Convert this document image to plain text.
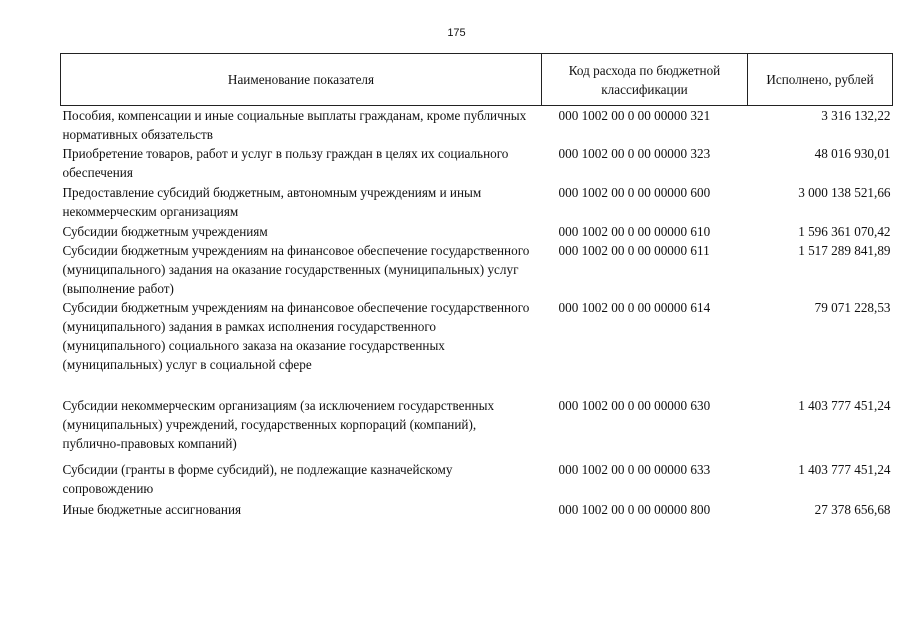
175
Наименование показателя	Код расхода по бюджетной классификации	Исполнено, рублей
Пособия, компенсации и иные социальные выплаты гражданам, кроме публичных нормативных обязательств	000 1002 00 0 00 00000 321	3 316 132,22
Приобретение товаров, работ и услуг в пользу граждан в целях их социального обеспечения	000 1002 00 0 00 00000 323	48 016 930,01
Предоставление субсидий бюджетным, автономным учреждениям и иным некоммерческим организациям	000 1002 00 0 00 00000 600	3 000 138 521,66
Субсидии бюджетным учреждениям	000 1002 00 0 00 00000 610	1 596 361 070,42
Субсидии бюджетным учреждениям на финансовое обеспечение государственного (муниципального) задания на оказание государственных (муниципальных) услуг (выполнение работ)	000 1002 00 0 00 00000 611	1 517 289 841,89
Субсидии бюджетным учреждениям на финансовое обеспечение государственного (муниципального) задания в рамках исполнения государственного (муниципального) социального заказа на оказание государственных (муниципальных) услуг в социальной сфере	000 1002 00 0 00 00000 614	79 071 228,53
Субсидии некоммерческим организациям (за исключением государственных (муниципальных) учреждений, государственных корпораций (компаний), публично-правовых компаний)	000 1002 00 0 00 00000 630	1 403 777 451,24
Субсидии (гранты в форме субсидий), не подлежащие казначейскому сопровождению	000 1002 00 0 00 00000 633	1 403 777 451,24
Иные бюджетные ассигнования	000 1002 00 0 00 00000 800	27 378 656,68
